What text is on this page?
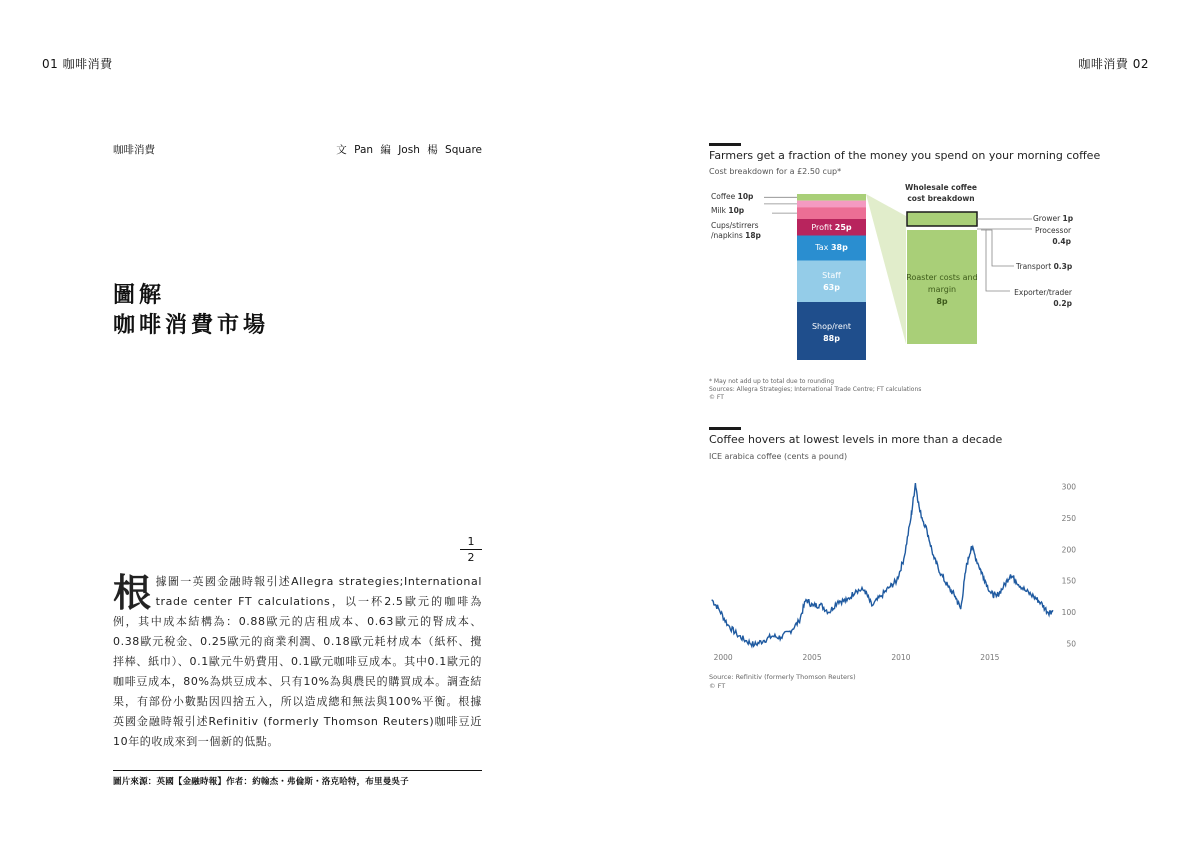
01 咖啡消費	咖啡消費 02
咖啡消費	文 Pan 編 Josh 楊 Square
圖解
咖啡消費市場
1
2
根據圖一英國金融時報引述Allegra strategies;International trade center FT calculations，以一杯2.5歐元的咖啡為例，其中成本結構為：0.88歐元的店租成本、0.63歐元的腎成本、0.38歐元稅金、0.25歐元的商業利潤、0.18歐元耗材成本（紙杯、攪拌棒、紙巾）、0.1歐元牛奶費用、0.1歐元咖啡豆成本。其中0.1歐元的咖啡豆成本，80%為烘豆成本、只有10%為與農民的購買成本。調查結果，有部份小數點因四捨五入，所以造成總和無法與100%平衡。根據英國金融時報引述Refinitiv (formerly Thomson Reuters)咖啡豆近10年的收成來到一個新的低點。
圖片來源：英國【金融時報】作者：約翰杰・弗倫斯・洛克哈特，布里曼吳子
Farmers get a fraction of the money you spend on your morning coffee
Cost breakdown for a £2.50 cup*
Wholesale coffee cost breakdown
Coffee 10p
Milk 10p
Cups/stirrers /napkins 18p
Profit 25p
Tax 38p
Staff
63p
Shop/rent
88p
Roaster costs and margin
8p
Grower 1p
Processor
0.4p
Transport 0.3p
Exporter/trader
0.2p
* May not add up to total due to rounding
Sources: Allegra Strategies; International Trade Centre; FT calculations
© FT
Coffee hovers at lowest levels in more than a decade
ICE arabica coffee (cents a pound)
300
250
200
150
100
50
2000	2005	2010	2015
Source: Refinitiv (formerly Thomson Reuters)
© FT
